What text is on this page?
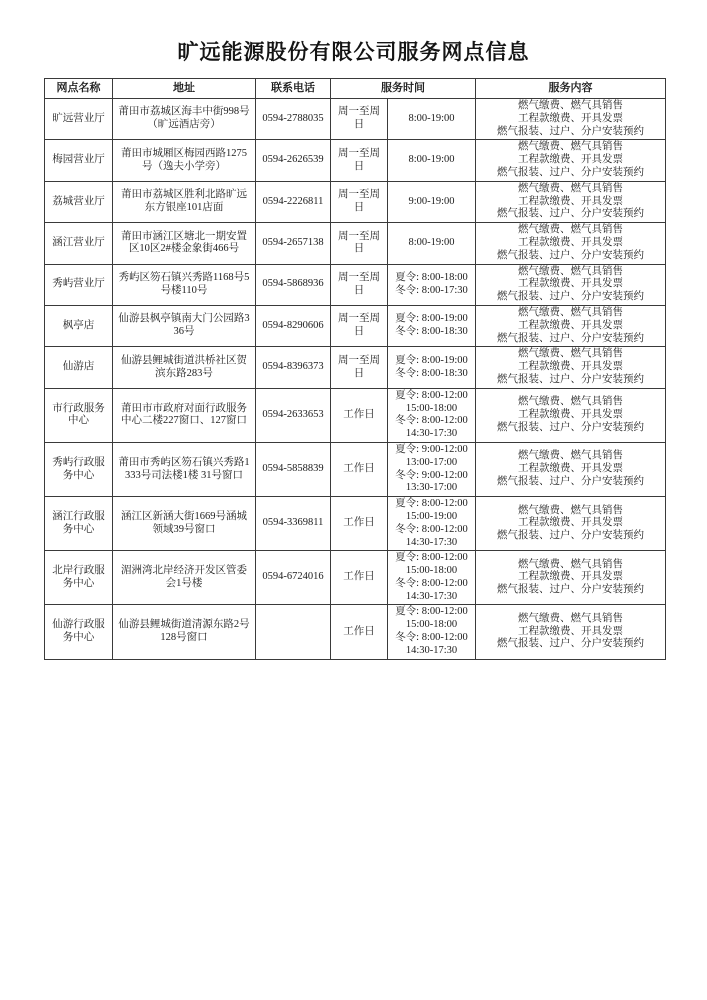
旷远能源股份有限公司服务网点信息
网点名称	地址	联系电话	服务时间		服务内容
旷远营业厅	莆田市荔城区海丰中街998号（旷远酒店旁）	0594-2788035	周一至周日	8:00-19:00	燃气缴费、燃气具销售
工程款缴费、开具发票
燃气报装、过户、分户安装预约
梅园营业厅	莆田市城厢区梅园西路1275号（逸夫小学旁）	0594-2626539	周一至周日	8:00-19:00	燃气缴费、燃气具销售
工程款缴费、开具发票
燃气报装、过户、分户安装预约
荔城营业厅	莆田市荔城区胜利北路旷远东方银座101店面	0594-2226811	周一至周日	9:00-19:00	燃气缴费、燃气具销售
工程款缴费、开具发票
燃气报装、过户、分户安装预约
涵江营业厅	莆田市涵江区塘北一期安置区10区2#楼金象街466号	0594-2657138	周一至周日	8:00-19:00	燃气缴费、燃气具销售
工程款缴费、开具发票
燃气报装、过户、分户安装预约
秀屿营业厅	秀屿区笏石镇兴秀路1168号5号楼110号	0594-5868936	周一至周日	夏令: 8:00-18:00
冬令: 8:00-17:30	燃气缴费、燃气具销售
工程款缴费、开具发票
燃气报装、过户、分户安装预约
枫亭店	仙游县枫亭镇南大门公园路336号	0594-8290606	周一至周日	夏令: 8:00-19:00
冬令: 8:00-18:30	燃气缴费、燃气具销售
工程款缴费、开具发票
燃气报装、过户、分户安装预约
仙游店	仙游县鲤城街道洪桥社区贺滨东路283号	0594-8396373	周一至周日	夏令: 8:00-19:00
冬令: 8:00-18:30	燃气缴费、燃气具销售
工程款缴费、开具发票
燃气报装、过户、分户安装预约
市行政服务中心	莆田市市政府对面行政服务中心二楼227窗口、127窗口	0594-2633653	工作日	夏令: 8:00-12:00
15:00-18:00
冬令: 8:00-12:00
14:30-17:30	燃气缴费、燃气具销售
工程款缴费、开具发票
燃气报装、过户、分户安装预约
秀屿行政服务中心	莆田市秀屿区笏石镇兴秀路1333号司法楼1楼 31号窗口	0594-5858839	工作日	夏令: 9:00-12:00
13:00-17:00
冬令: 9:00-12:00
13:30-17:00	燃气缴费、燃气具销售
工程款缴费、开具发票
燃气报装、过户、分户安装预约
涵江行政服务中心	涵江区新涵大街1669号涵城领域39号窗口	0594-3369811	工作日	夏令: 8:00-12:00
15:00-19:00
冬令: 8:00-12:00
14:30-17:30	燃气缴费、燃气具销售
工程款缴费、开具发票
燃气报装、过户、分户安装预约
北岸行政服务中心	湄洲湾北岸经济开发区管委会1号楼	0594-6724016	工作日	夏令: 8:00-12:00
15:00-18:00
冬令: 8:00-12:00
14:30-17:30	燃气缴费、燃气具销售
工程款缴费、开具发票
燃气报装、过户、分户安装预约
仙游行政服务中心	仙游县鲤城街道清源东路2号128号窗口		工作日	夏令: 8:00-12:00
15:00-18:00
冬令: 8:00-12:00
14:30-17:30	燃气缴费、燃气具销售
工程款缴费、开具发票
燃气报装、过户、分户安装预约
